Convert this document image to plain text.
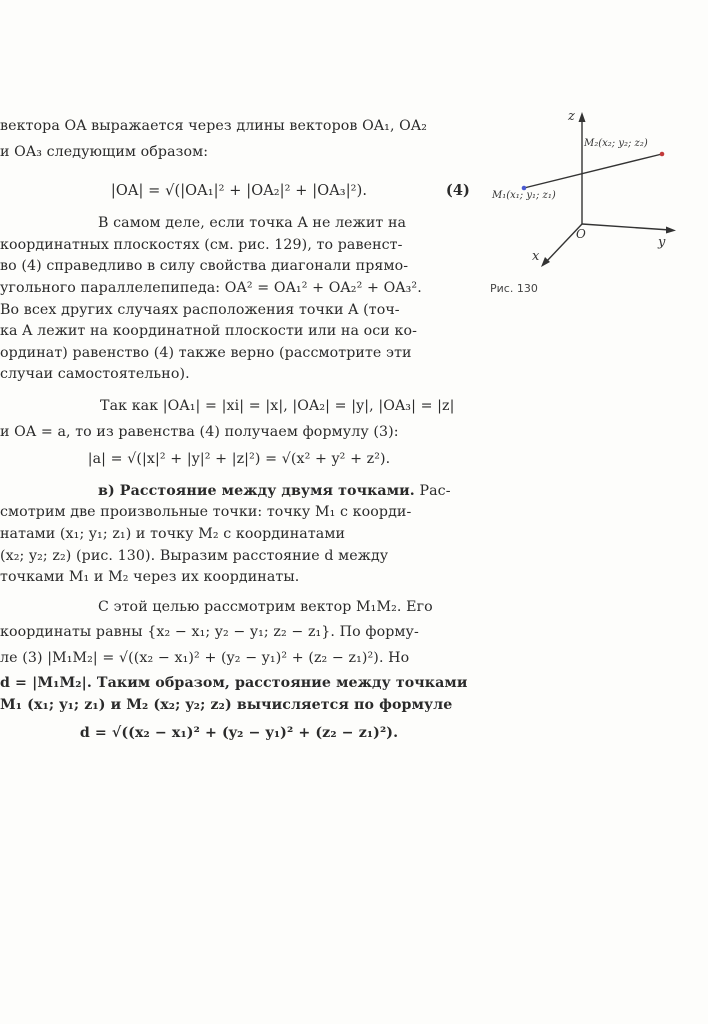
вектора OA выражается через длины векторов OA₁, OA₂
и OA₃ следующим образом:
|OA| = √(|OA₁|² + |OA₂|² + |OA₃|²).	(4)
В самом деле, если точка A не лежит на
координатных плоскостях (см. рис. 129), то равенст-
во (4) справедливо в силу свойства диагонали прямо-
угольного параллелепипеда: OA² = OA₁² + OA₂² + OA₃².
Во всех других случаях расположения точки A (точ-
ка A лежит на координатной плоскости или на оси ко-
ординат) равенство (4) также верно (рассмотрите эти
случаи самостоятельно).
Так как |OA₁| = |xi| = |x|, |OA₂| = |y|, |OA₃| = |z|
и OA = a, то из равенства (4) получаем формулу (3):
|a| = √(|x|² + |y|² + |z|²) = √(x² + y² + z²).
в) Расстояние между двумя точками. Рас-
смотрим две произвольные точки: точку M₁ с коорди-
натами (x₁; y₁; z₁) и точку M₂ с координатами
(x₂; y₂; z₂) (рис. 130). Выразим расстояние d между
точками M₁ и M₂ через их координаты.
С этой целью рассмотрим вектор M₁M₂. Его
координаты равны {x₂ − x₁; y₂ − y₁; z₂ − z₁}. По форму-
ле (3) |M₁M₂| = √((x₂ − x₁)² + (y₂ − y₁)² + (z₂ − z₁)²). Но
d = |M₁M₂|. Таким образом, расстояние между точками
M₁ (x₁; y₁; z₁) и M₂ (x₂; y₂; z₂) вычисляется по формуле
d = √((x₂ − x₁)² + (y₂ − y₁)² + (z₂ − z₁)²).
z
y
x
O
M₁(x₁; y₁; z₁)
M₂(x₂; y₂; z₂)
Рис. 130
